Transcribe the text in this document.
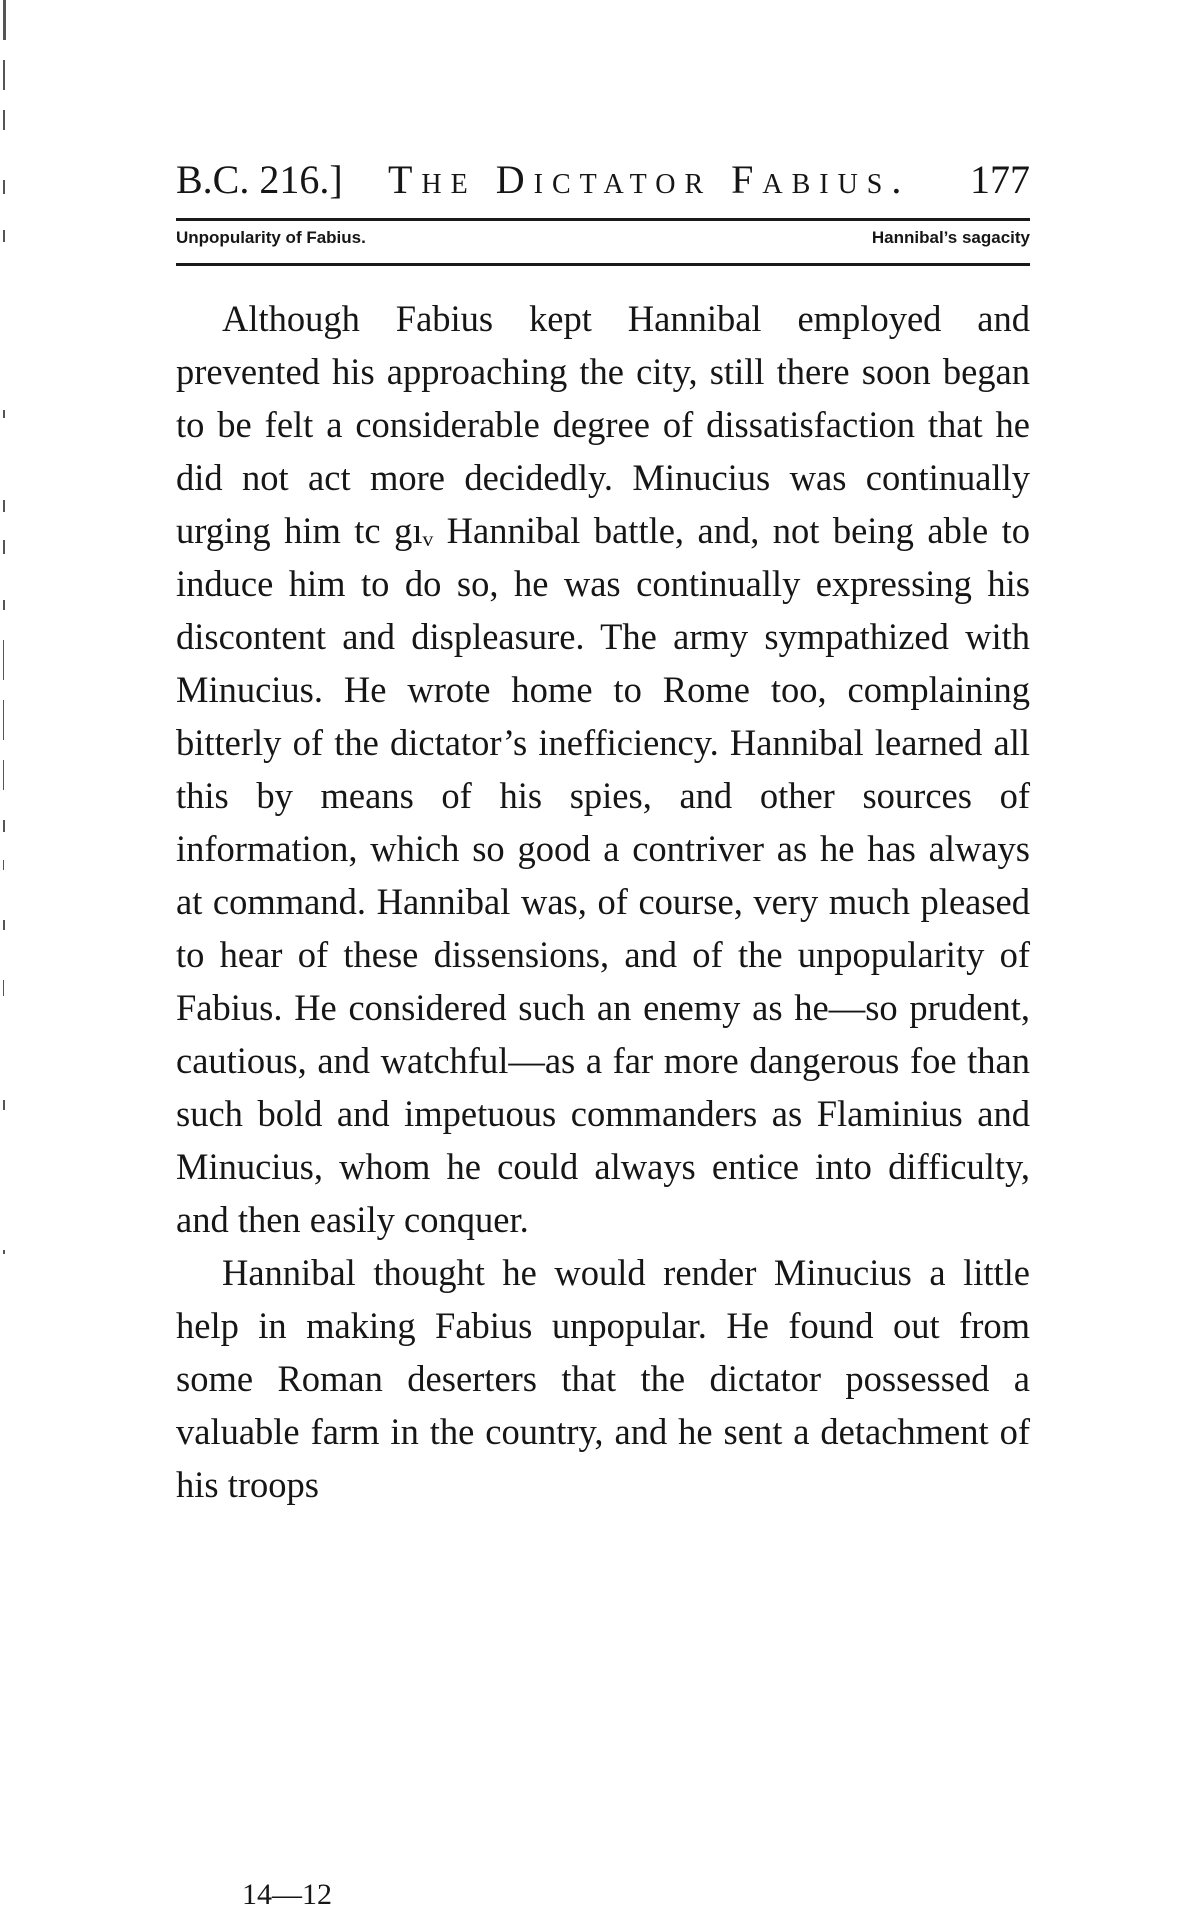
B.C. 216.] The Dictator Fabius. 177
Unpopularity of Fabius.	Hannibal’s sagacity

Although Fabius kept Hannibal employed and prevented his approaching the city, still there soon began to be felt a considerable degree of dissatisfaction that he did not act more decidedly. Minucius was continually urging him tc gıᵥ Hannibal battle, and, not being able to induce him to do so, he was continually expressing his discontent and displeasure. The army sympathized with Minucius. He wrote home to Rome too, complaining bitterly of the dictator’s inefficiency. Hannibal learned all this by means of his spies, and other sources of information, which so good a contriver as he has always at command. Hannibal was, of course, very much pleased to hear of these dissensions, and of the unpopularity of Fabius. He considered such an enemy as he—so prudent, cautious, and watchful—as a far more dangerous foe than such bold and impetuous commanders as Flaminius and Minucius, whom he could always entice into difficulty, and then easily conquer.

Hannibal thought he would render Minucius a little help in making Fabius unpopular. He found out from some Roman deserters that the dictator possessed a valuable farm in the country, and he sent a detachment of his troops

14—12
